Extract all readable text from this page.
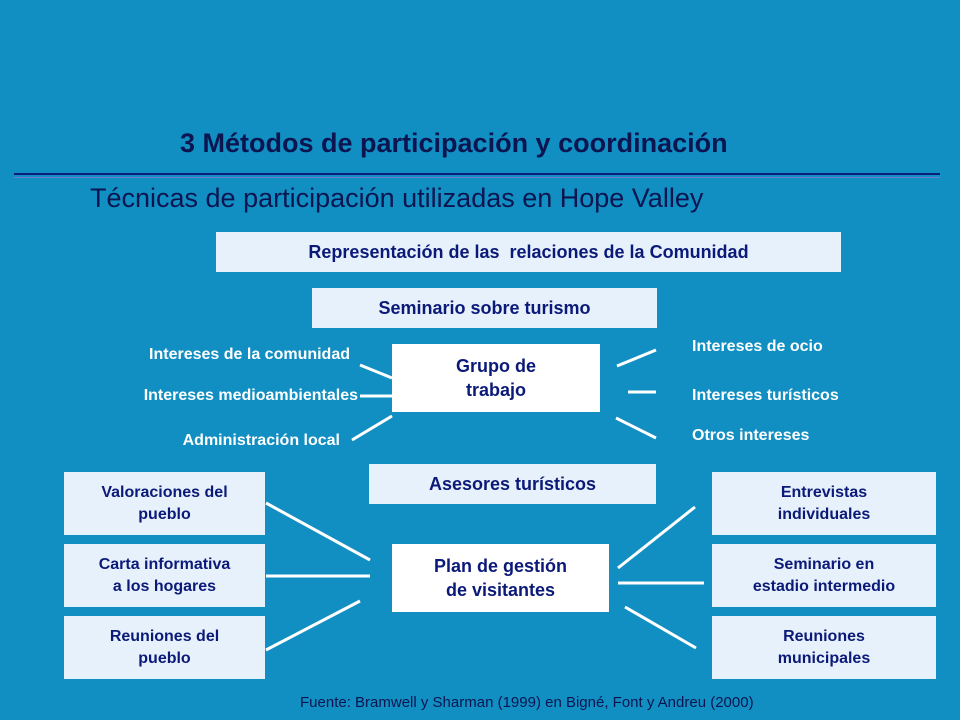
3 Métodos de participación y coordinación
Técnicas de participación utilizadas en Hope Valley
Representación de las  relaciones de la Comunidad
Seminario sobre turismo
Grupo de
trabajo
Intereses de la comunidad
Intereses medioambientales
Administración local
Intereses de ocio
Intereses turísticos
Otros intereses
Asesores turísticos
Plan de gestión
de visitantes
Valoraciones del
pueblo
Carta informativa
a los hogares
Reuniones del
pueblo
Entrevistas
individuales
Seminario en
estadio intermedio
Reuniones
municipales
Fuente: Bramwell y Sharman (1999) en Bigné, Font y Andreu (2000)
